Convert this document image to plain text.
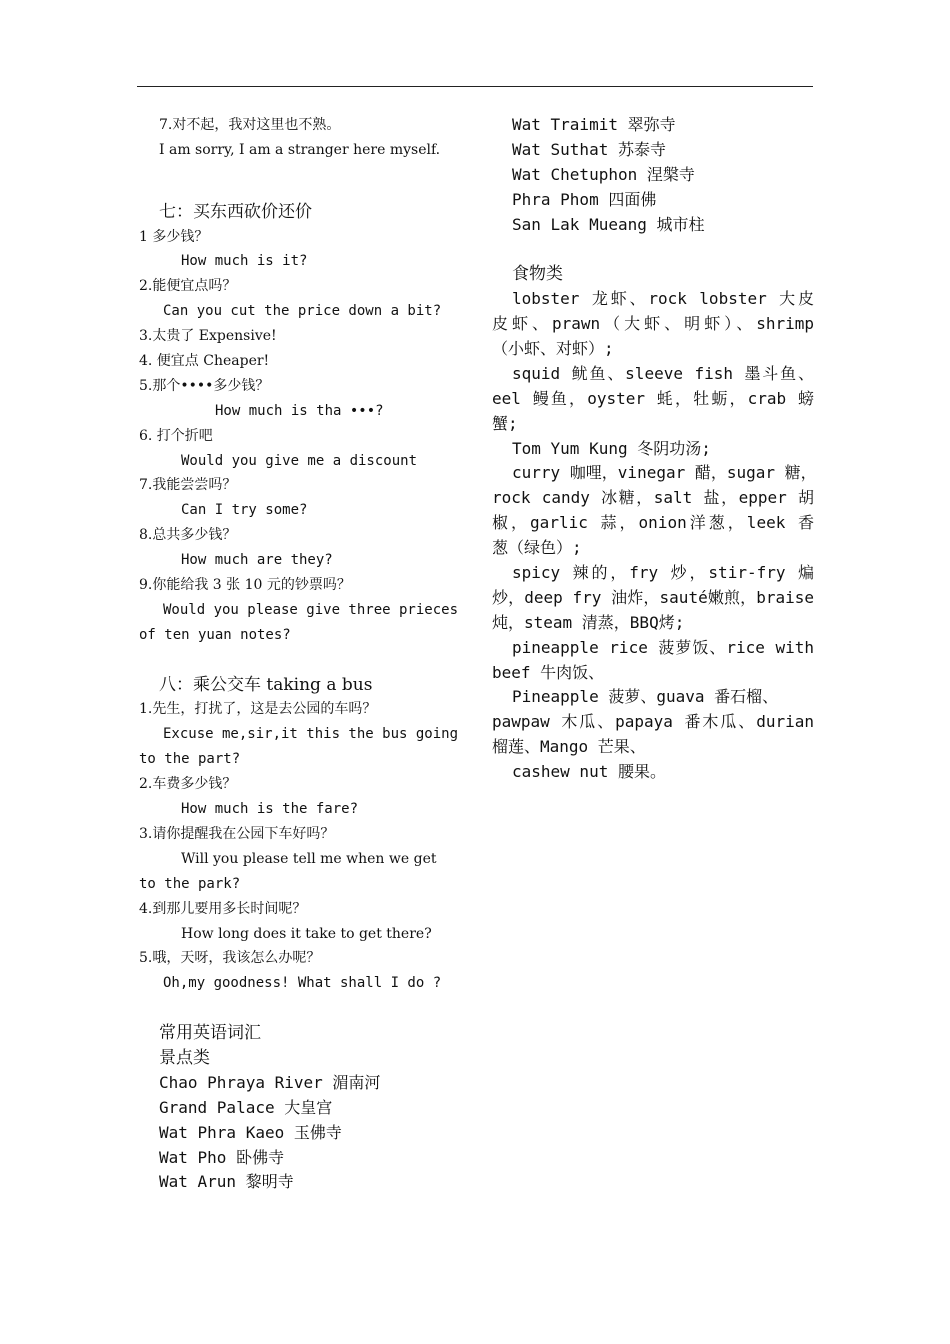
7.对不起，我对这里也不熟。
I am sorry, I am a stranger here myself.
七：买东西砍价还价
1 多少钱？
How much is it?
2.能便宜点吗？
Can you cut the price down a bit?
3.太贵了 Expensive!
4. 便宜点 Cheaper!
5.那个••••多少钱？
How much is tha •••?
6. 打个折吧
Would you give me a discount
7.我能尝尝吗？
Can I try some?
8.总共多少钱？
How much are they?
9.你能给我 3 张 10 元的钞票吗？
Would you please give three prieces
of ten yuan notes?
八：乘公交车 taking a bus
1.先生，打扰了，这是去公园的车吗？
Excuse me,sir,it this the bus going
to the part?
2.车费多少钱？
How much is the fare?
3.请你提醒我在公园下车好吗？
Will you please tell me when we get
to the park?
4.到那儿要用多长时间呢？
How long does it take to get there?
5.哦，天呀，我该怎么办呢？
Oh,my goodness! What shall I do ?
常用英语词汇
景点类
Chao Phraya River 湄南河
Grand Palace 大皇宫
Wat Phra Kaeo 玉佛寺
Wat Pho 卧佛寺
Wat Arun 黎明寺
Wat Traimit 翠弥寺
Wat Suthat 苏泰寺
Wat Chetuphon 涅槃寺
Phra Phom 四面佛
San Lak Mueang 城市柱
食物类
lobster 龙虾、rock lobster 大皮
皮虾、prawn（大虾、明虾）、shrimp
（小虾、对虾）;
squid 鱿鱼、sleeve fish 墨斗鱼、
eel 鳗鱼，oyster 蚝，牡蛎，crab 螃
蟹;
Tom Yum Kung 冬阴功汤;
curry 咖哩，vinegar 醋，sugar 糖，
rock candy 冰糖，salt 盐，epper 胡
椒，garlic 蒜，onion洋葱，leek 香
葱（绿色）;
spicy 辣的，fry 炒，stir-fry 煸
炒，deep fry 油炸，sauté嫩煎，braise
炖，steam 清蒸，BBQ烤;
pineapple rice 菠萝饭、rice with
beef 牛肉饭、
Pineapple 菠萝、guava 番石榴、
pawpaw 木瓜、papaya 番木瓜、durian
榴莲、Mango 芒果、
cashew nut 腰果。
